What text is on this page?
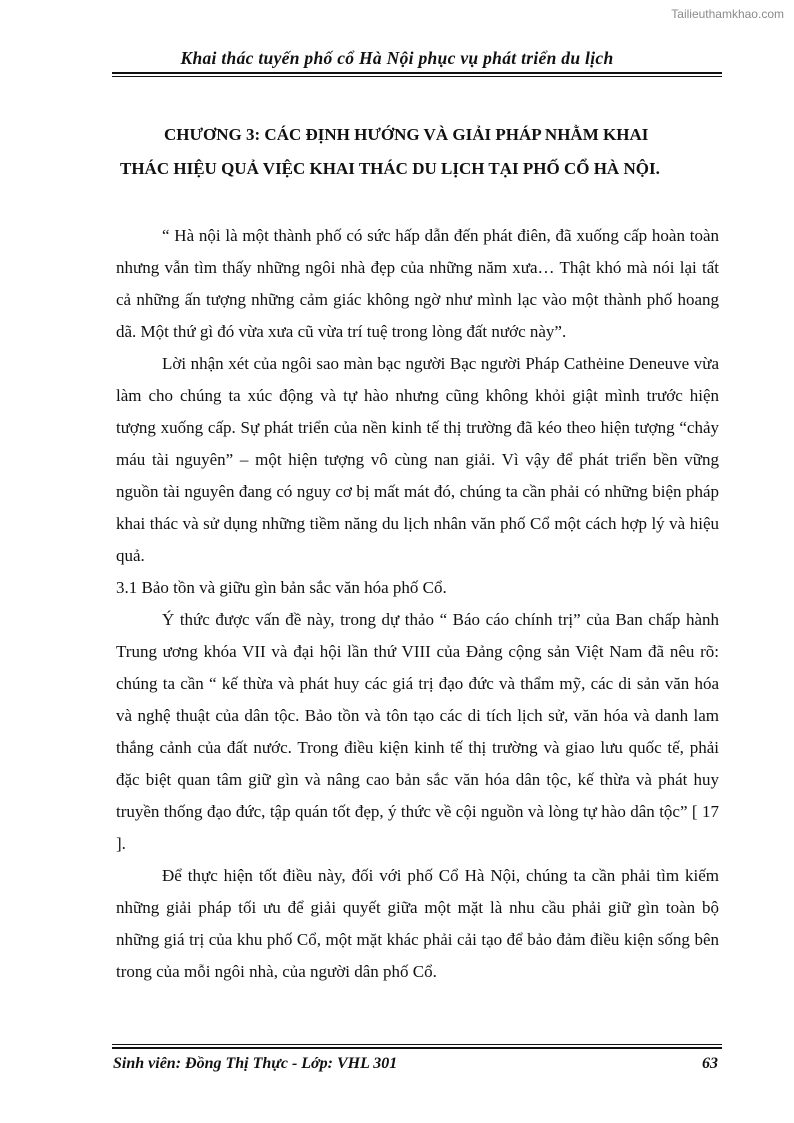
Tailieuthamkhao.com
Khai thác tuyến phố cổ Hà Nội phục vụ phát triển du lịch
CHƯƠNG 3: CÁC ĐỊNH HƯỚNG VÀ GIẢI PHÁP NHẰM KHAI
THÁC HIỆU QUẢ VIỆC KHAI THÁC DU LỊCH TẠI PHỐ CỔ HÀ NỘI.

“ Hà nội là một thành phố có sức hấp dẫn đến phát điên, đã xuống cấp hoàn toàn nhưng vẫn tìm thấy những ngôi nhà đẹp của những năm xưa… Thật khó mà nói lại tất cả những ấn tượng những cảm giác không ngờ như mình lạc vào một thành phố hoang dã. Một thứ gì đó vừa xưa cũ vừa trí tuệ trong lòng đất nước này”.

Lời nhận xét của ngôi sao màn bạc người Bạc người Pháp Cathėine Deneuve vừa làm cho chúng ta xúc động và tự hào nhưng cũng không khỏi giật mình trước hiện tượng xuống cấp. Sự phát triển của nền kinh tế thị trường đã kéo theo hiện tượng “chảy máu tài nguyên” – một hiện tượng vô cùng nan giải. Vì vậy để phát triển bền vững nguồn tài nguyên đang có nguy cơ bị mất mát đó, chúng ta cần phải có những biện pháp khai thác và sử dụng những tiềm năng du lịch nhân văn phố Cổ một cách hợp lý và hiệu quả.

3.1 Bảo tồn và giữu gìn bản sắc văn hóa phố Cổ.

Ý thức được vấn đề này, trong dự thảo “ Báo cáo chính trị” của Ban chấp hành Trung ương khóa VII và đại hội lần thứ VIII của Đảng cộng sản Việt Nam đã nêu rõ: chúng ta cần “ kế thừa và phát huy các giá trị đạo đức và thẩm mỹ, các di sản văn hóa và nghệ thuật của dân tộc. Bảo tồn và tôn tạo các di tích lịch sử, văn hóa và danh lam thắng cảnh của đất nước. Trong điều kiện kinh tế thị trường và giao lưu quốc tế, phải đặc biệt quan tâm giữ gìn và nâng cao bản sắc văn hóa dân tộc, kế thừa và phát huy truyền thống đạo đức, tập quán tốt đẹp, ý thức về cội nguồn và lòng tự hào dân tộc” [ 17 ].

Để thực hiện tốt điều này, đối với phố Cổ Hà Nội, chúng ta cần phải tìm kiếm những giải pháp tối ưu để giải quyết giữa một mặt là nhu cầu phải giữ gìn toàn bộ những giá trị của khu phố Cổ, một mặt khác phải cải tạo để bảo đảm điều kiện sống bên trong của mỗi ngôi nhà, của người dân phố Cổ.

Sinh viên: Đồng Thị Thực - Lớp: VHL 301	63
